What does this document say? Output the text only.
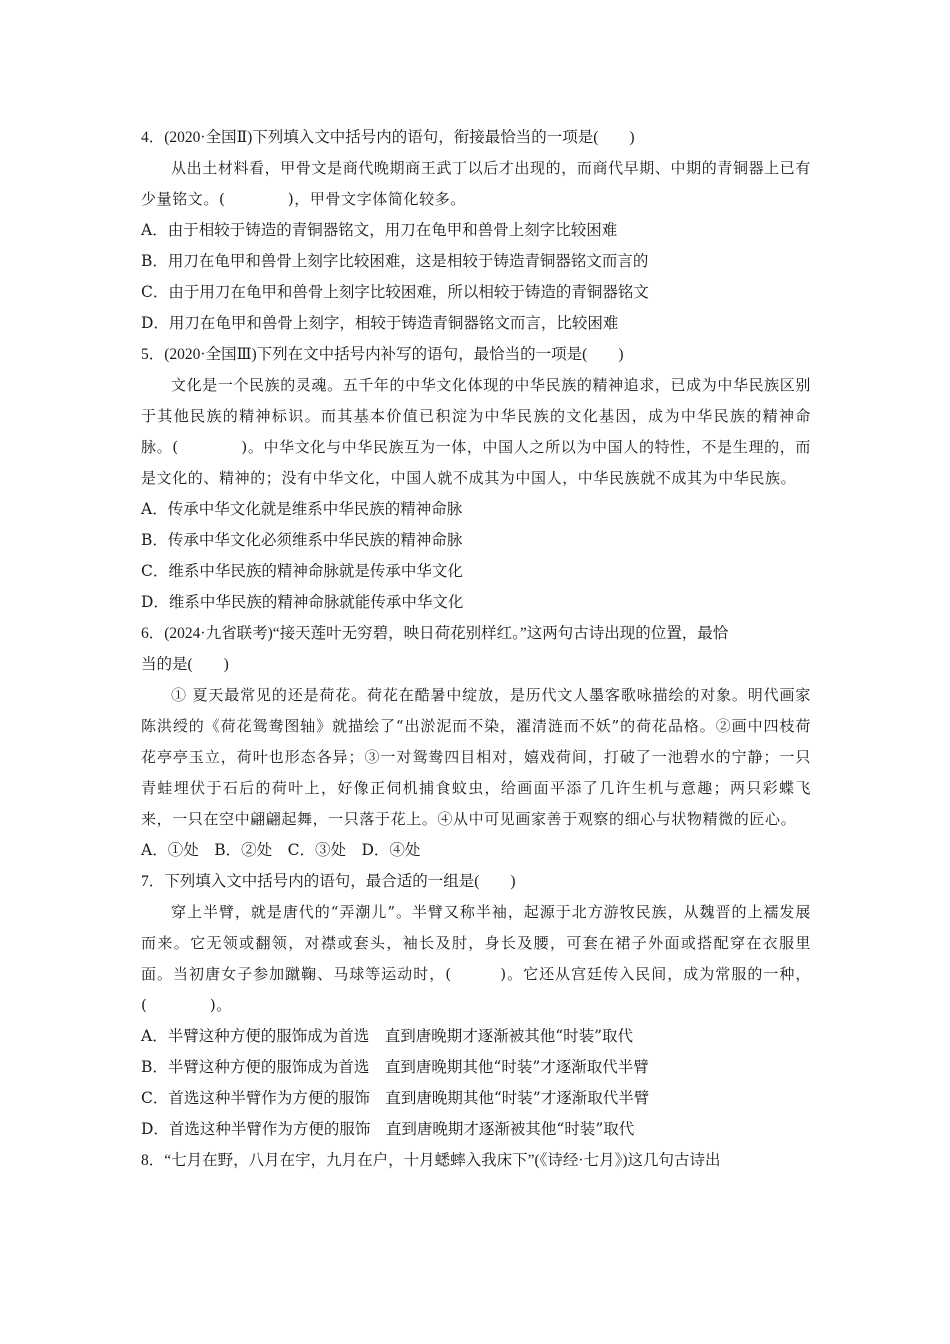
4．(2020·全国Ⅱ)下列填入文中括号内的语句，衔接最恰当的一项是(　　)
从出土材料看，甲骨文是商代晚期商王武丁以后才出现的，而商代早期、中期的青铜器上已有少量铭文。(　　　　)，甲骨文字体简化较多。
A．由于相较于铸造的青铜器铭文，用刀在龟甲和兽骨上刻字比较困难
B．用刀在龟甲和兽骨上刻字比较困难，这是相较于铸造青铜器铭文而言的
C．由于用刀在龟甲和兽骨上刻字比较困难，所以相较于铸造的青铜器铭文
D．用刀在龟甲和兽骨上刻字，相较于铸造青铜器铭文而言，比较困难
5．(2020·全国Ⅲ)下列在文中括号内补写的语句，最恰当的一项是(　　)
文化是一个民族的灵魂。五千年的中华文化体现的中华民族的精神追求，已成为中华民族区别于其他民族的精神标识。而其基本价值已积淀为中华民族的文化基因，成为中华民族的精神命脉。(　　　　)。中华文化与中华民族互为一体，中国人之所以为中国人的特性，不是生理的，而是文化的、精神的；没有中华文化，中国人就不成其为中国人，中华民族就不成其为中华民族。
A．传承中华文化就是维系中华民族的精神命脉
B．传承中华文化必须维系中华民族的精神命脉
C．维系中华民族的精神命脉就是传承中华文化
D．维系中华民族的精神命脉就能传承中华文化
6．(2024·九省联考)“接天莲叶无穷碧，映日荷花别样红。”这两句古诗出现的位置，最恰
当的是(　　)
① 夏天最常见的还是荷花。荷花在酷暑中绽放，是历代文人墨客歌咏描绘的对象。明代画家陈洪绶的《荷花鸳鸯图轴》就描绘了“出淤泥而不染，濯清涟而不妖”的荷花品格。②画中四枝荷花亭亭玉立，荷叶也形态各异；③一对鸳鸯四目相对，嬉戏荷间，打破了一池碧水的宁静；一只青蛙埋伏于石后的荷叶上，好像正伺机捕食蚊虫，给画面平添了几许生机与意趣；两只彩蝶飞来，一只在空中翩翩起舞，一只落于花上。④从中可见画家善于观察的细心与状物精微的匠心。
A．①处　B．②处　C．③处　D．④处
7．下列填入文中括号内的语句，最合适的一组是(　　)
穿上半臂，就是唐代的“弄潮儿”。半臂又称半袖，起源于北方游牧民族，从魏晋的上襦发展而来。它无领或翻领，对襟或套头，袖长及肘，身长及腰，可套在裙子外面或搭配穿在衣服里面。当初唐女子参加蹴鞠、马球等运动时，(　　　)。它还从宫廷传入民间，成为常服的一种，(　　　　)。
A．半臂这种方便的服饰成为首选　直到唐晚期才逐渐被其他“时装”取代
B．半臂这种方便的服饰成为首选　直到唐晚期其他“时装”才逐渐取代半臂
C．首选这种半臂作为方便的服饰　直到唐晚期其他“时装”才逐渐取代半臂
D．首选这种半臂作为方便的服饰　直到唐晚期才逐渐被其他“时装”取代
8．“七月在野，八月在宇，九月在户，十月蟋蟀入我床下”(《诗经·七月》)这几句古诗出
